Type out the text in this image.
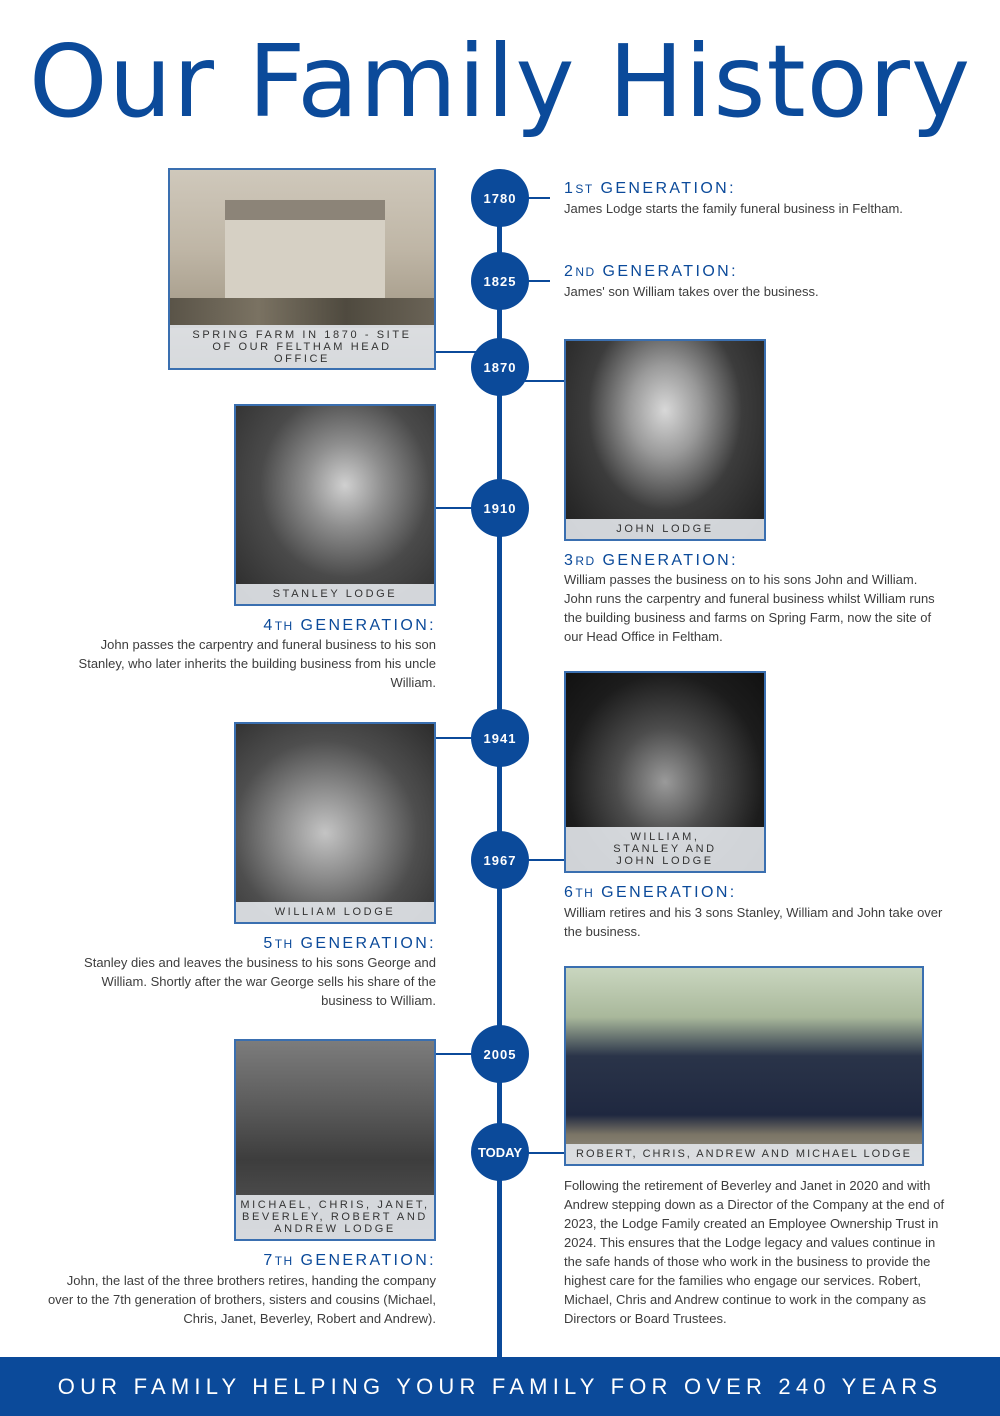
Our Family History
1780
1825
1870
1910
1941
1967
2005
TODAY
SPRING FARM IN 1870 - SITE OF OUR FELTHAM HEAD OFFICE
JOHN LODGE
STANLEY LODGE
WILLIAM LODGE
WILLIAM, STANLEY AND JOHN LODGE
MICHAEL, CHRIS, JANET, BEVERLEY, ROBERT AND ANDREW LODGE
ROBERT, CHRIS, ANDREW AND MICHAEL LODGE
1ST GENERATION:
James Lodge starts the family funeral business in Feltham.
2ND GENERATION:
James' son William takes over the business.
3RD GENERATION:
William passes the business on to his sons John and William. John runs the carpentry and funeral business whilst William runs the building business and farms on Spring Farm, now the site of our Head Office in Feltham.
4TH GENERATION:
John passes the carpentry and funeral business to his son Stanley, who later inherits the building business from his uncle William.
5TH GENERATION:
Stanley dies and leaves the business to his sons George and William. Shortly after the war George sells his share of the business to William.
6TH GENERATION:
William retires and his 3 sons Stanley, William and John take over the business.
7TH GENERATION:
John, the last of the three brothers retires, handing the company over to the 7th generation of brothers, sisters and cousins (Michael, Chris, Janet, Beverley, Robert and Andrew).
Following the retirement of Beverley and Janet in 2020 and with Andrew stepping down as a Director of the Company at the end of 2023, the Lodge Family created an Employee Ownership Trust in 2024. This ensures that the Lodge legacy and values continue in the safe hands of those who work in the business to provide the highest care for the families who engage our services. Robert, Michael, Chris and Andrew continue to work in the company as Directors or Board Trustees.
OUR FAMILY HELPING YOUR FAMILY FOR OVER 240 YEARS
